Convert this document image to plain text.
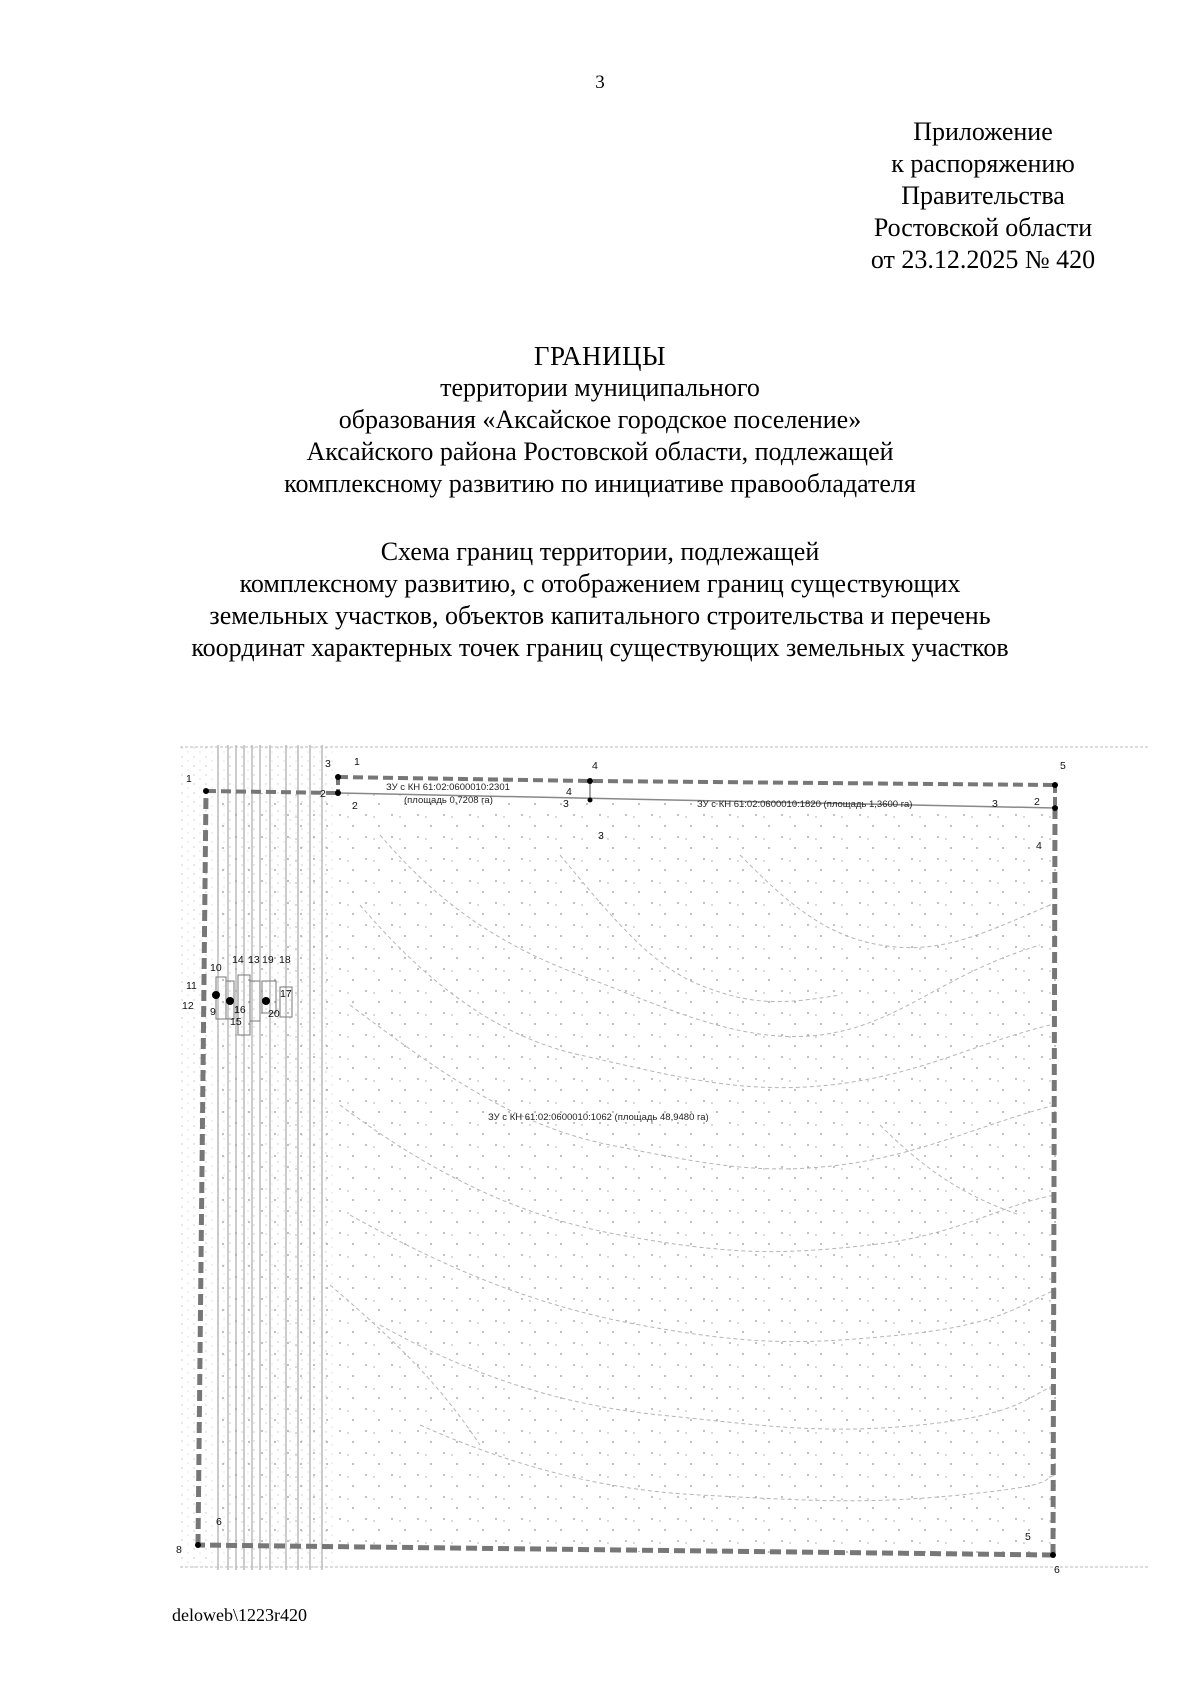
3
Приложение
к распоряжению
Правительства
Ростовской области
от 23.12.2025 № 420
ГРАНИЦЫ
территории муниципального
образования «Аксайское городское поселение»
Аксайского района Ростовской области, подлежащей
комплексному развитию по инициативе правообладателя
Схема границ территории, подлежащей
комплексному развитию, с отображением границ существующих
земельных участков, объектов капитального строительства и перечень
координат характерных точек границ существующих земельных участков
ЗУ с КН 61:02:0600010:2301
(площадь 0,7208 га)	ЗУ с КН 61:02:0600010:1820 (площадь 1,3600 га)
ЗУ с КН 61:02:0600010:1062 (площадь 48,9480 га)
1
2
2
1
3	4
4
3
3
5
2
3
4
5
6
6
8
10
11
12 9
14 13 19 18
16
15
17
20
deloweb\1223r420
